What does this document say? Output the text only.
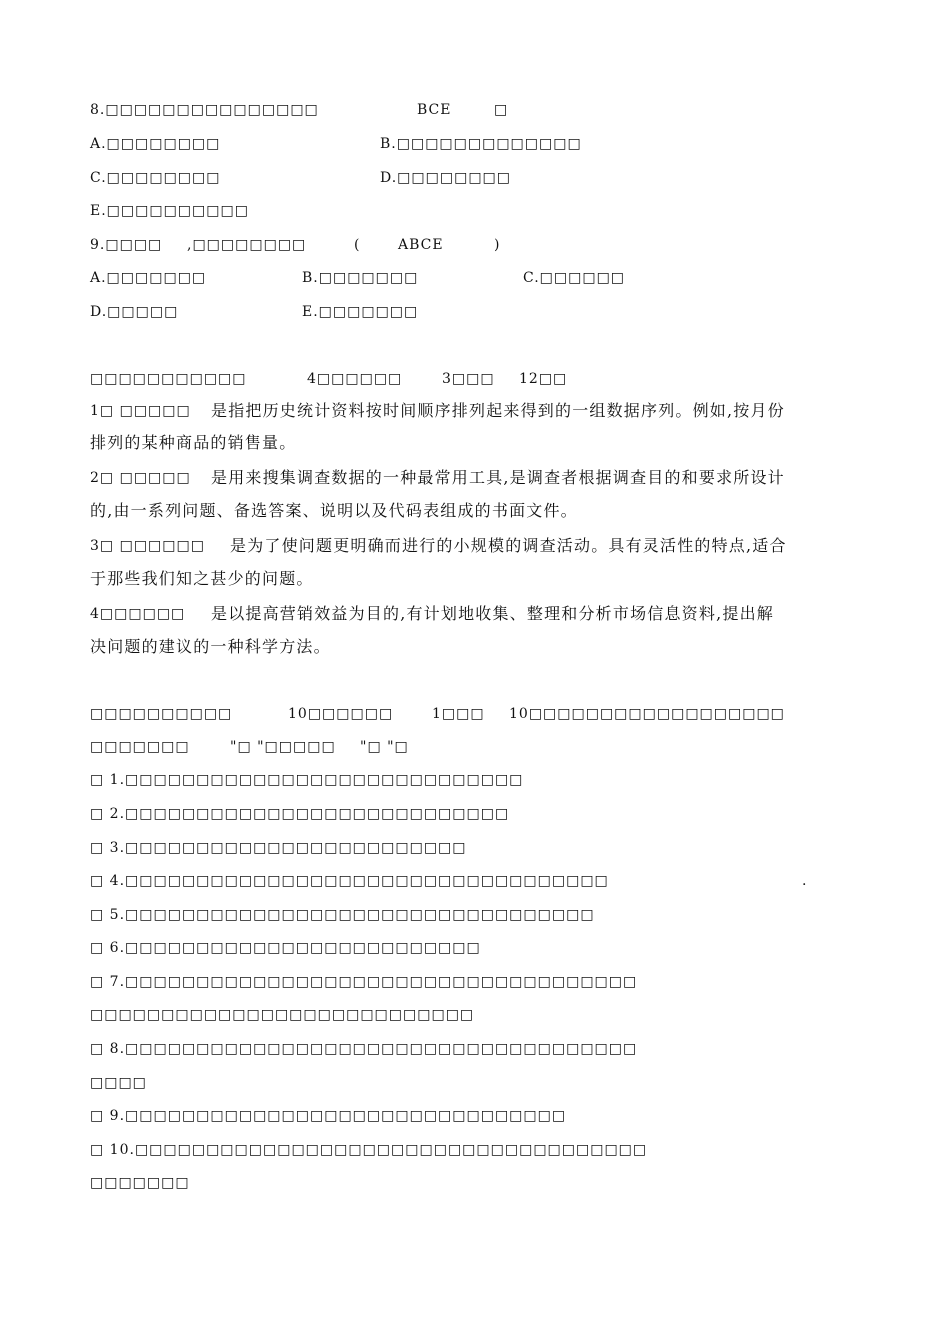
8.□□□□□□□□□□□□□□□	BCE	□
A.□□□□□□□□	B.□□□□□□□□□□□□□
C.□□□□□□□□	D.□□□□□□□□
E.□□□□□□□□□□
9.□□□□ ,□□□□□□□□	(	ABCE	)
A.□□□□□□□	B.□□□□□□□	C.□□□□□□
D.□□□□□	E.□□□□□□□
□□□□□□□□□□□	4□□□□□□	3□□□ 12□□
1□ □□□□□ 是指把历史统计资料按时间顺序排列起来得到的一组数据序列。例如,按月份
排列的某种商品的销售量。
2□ □□□□□ 是用来搜集调查数据的一种最常用工具,是调查者根据调查目的和要求所设计
的,由一系列问题、备选答案、说明以及代码表组成的书面文件。
3□ □□□□□□ 是为了使问题更明确而进行的小规模的调查活动。具有灵活性的特点,适合
于那些我们知之甚少的问题。
4□□□□□□ 是以提高营销效益为目的,有计划地收集、整理和分析市场信息资料,提出解
决问题的建议的一种科学方法。
□□□□□□□□□□	10□□□□□□	1□□□ 10□□□□□□□□□□□□□□□□□□
□□□□□□□	"□ "□□□□□ "□ "□
□ 1.□□□□□□□□□□□□□□□□□□□□□□□□□□□□
□ 2.□□□□□□□□□□□□□□□□□□□□□□□□□□□
□ 3.□□□□□□□□□□□□□□□□□□□□□□□□
□ 4.□□□□□□□□□□□□□□□□□□□□□□□□□□□□□□□□□□	.
□ 5.□□□□□□□□□□□□□□□□□□□□□□□□□□□□□□□□□
□ 6.□□□□□□□□□□□□□□□□□□□□□□□□□
□ 7.□□□□□□□□□□□□□□□□□□□□□□□□□□□□□□□□□□□□
□□□□□□□□□□□□□□□□□□□□□□□□□□□
□ 8.□□□□□□□□□□□□□□□□□□□□□□□□□□□□□□□□□□□□
□□□□
□ 9.□□□□□□□□□□□□□□□□□□□□□□□□□□□□□□□
□ 10.□□□□□□□□□□□□□□□□□□□□□□□□□□□□□□□□□□□□
□□□□□□□
